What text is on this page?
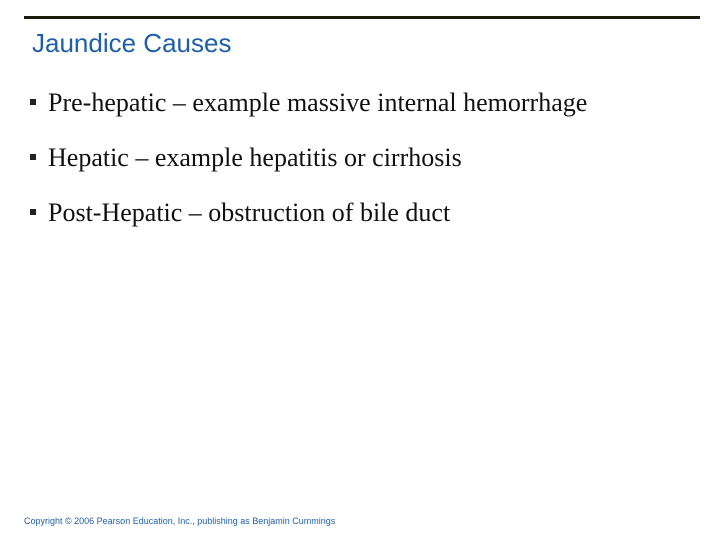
Jaundice Causes
Pre-hepatic – example massive internal hemorrhage
Hepatic – example hepatitis or cirrhosis
Post-Hepatic – obstruction of bile duct
Copyright © 2006 Pearson Education, Inc., publishing as Benjamin Cummings
